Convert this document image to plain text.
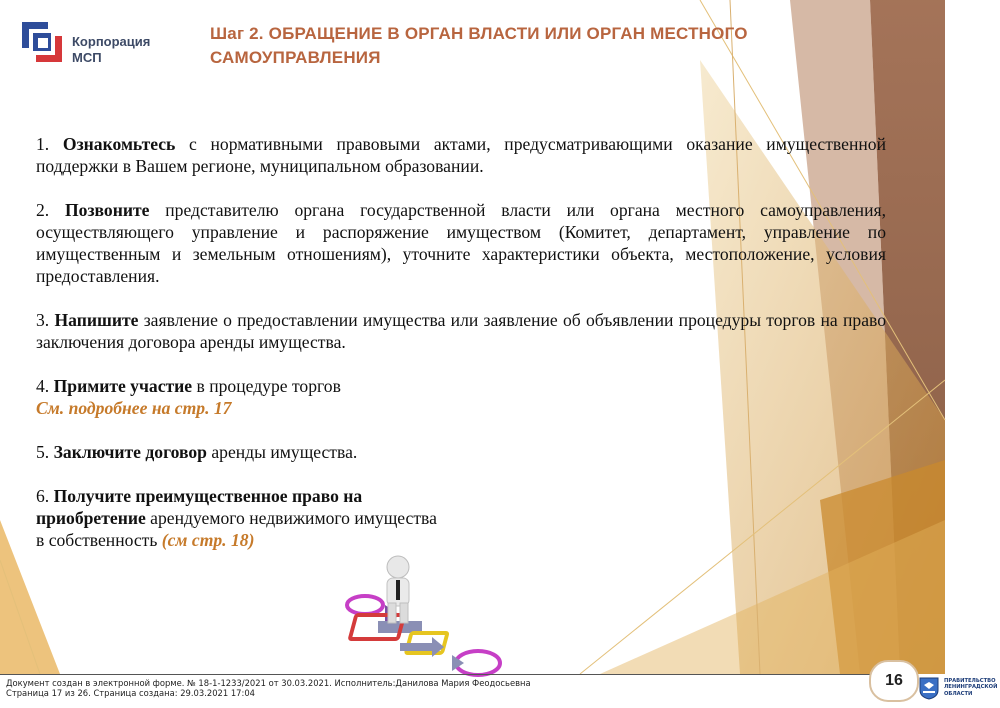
Корпорация
МСП
Шаг 2. ОБРАЩЕНИЕ В ОРГАН ВЛАСТИ ИЛИ ОРГАН МЕСТНОГО САМОУПРАВЛЕНИЯ

1. Ознакомьтесь с нормативными правовыми актами, предусматривающими оказание имущественной поддержки в Вашем регионе, муниципальном образовании.

2. Позвоните представителю органа государственной власти или органа местного самоуправления, осуществляющего управление и распоряжение имуществом (Комитет, департамент, управление по имущественным и земельным отношениям), уточните характеристики объекта, местоположение, условия предоставления.

3. Напишите заявление о предоставлении имущества или заявление об объявлении процедуры торгов на право заключения договора аренды имущества.

4. Примите участие в процедуре торгов
См. подробнее на стр. 17

5. Заключите договор аренды имущества.

6. Получите преимущественное право на
приобретение арендуемого недвижимого имущества
в собственность (см стр. 18)

Документ создан в электронной форме. № 18-1-1233/2021 от 30.03.2021. Исполнитель:Данилова Мария Феодосьевна
Страница 17 из 26. Страница создана: 29.03.2021 17:04
16	ПРАВИТЕЛЬСТВО
ЛЕНИНГРАДСКОЙ
ОБЛАСТИ
